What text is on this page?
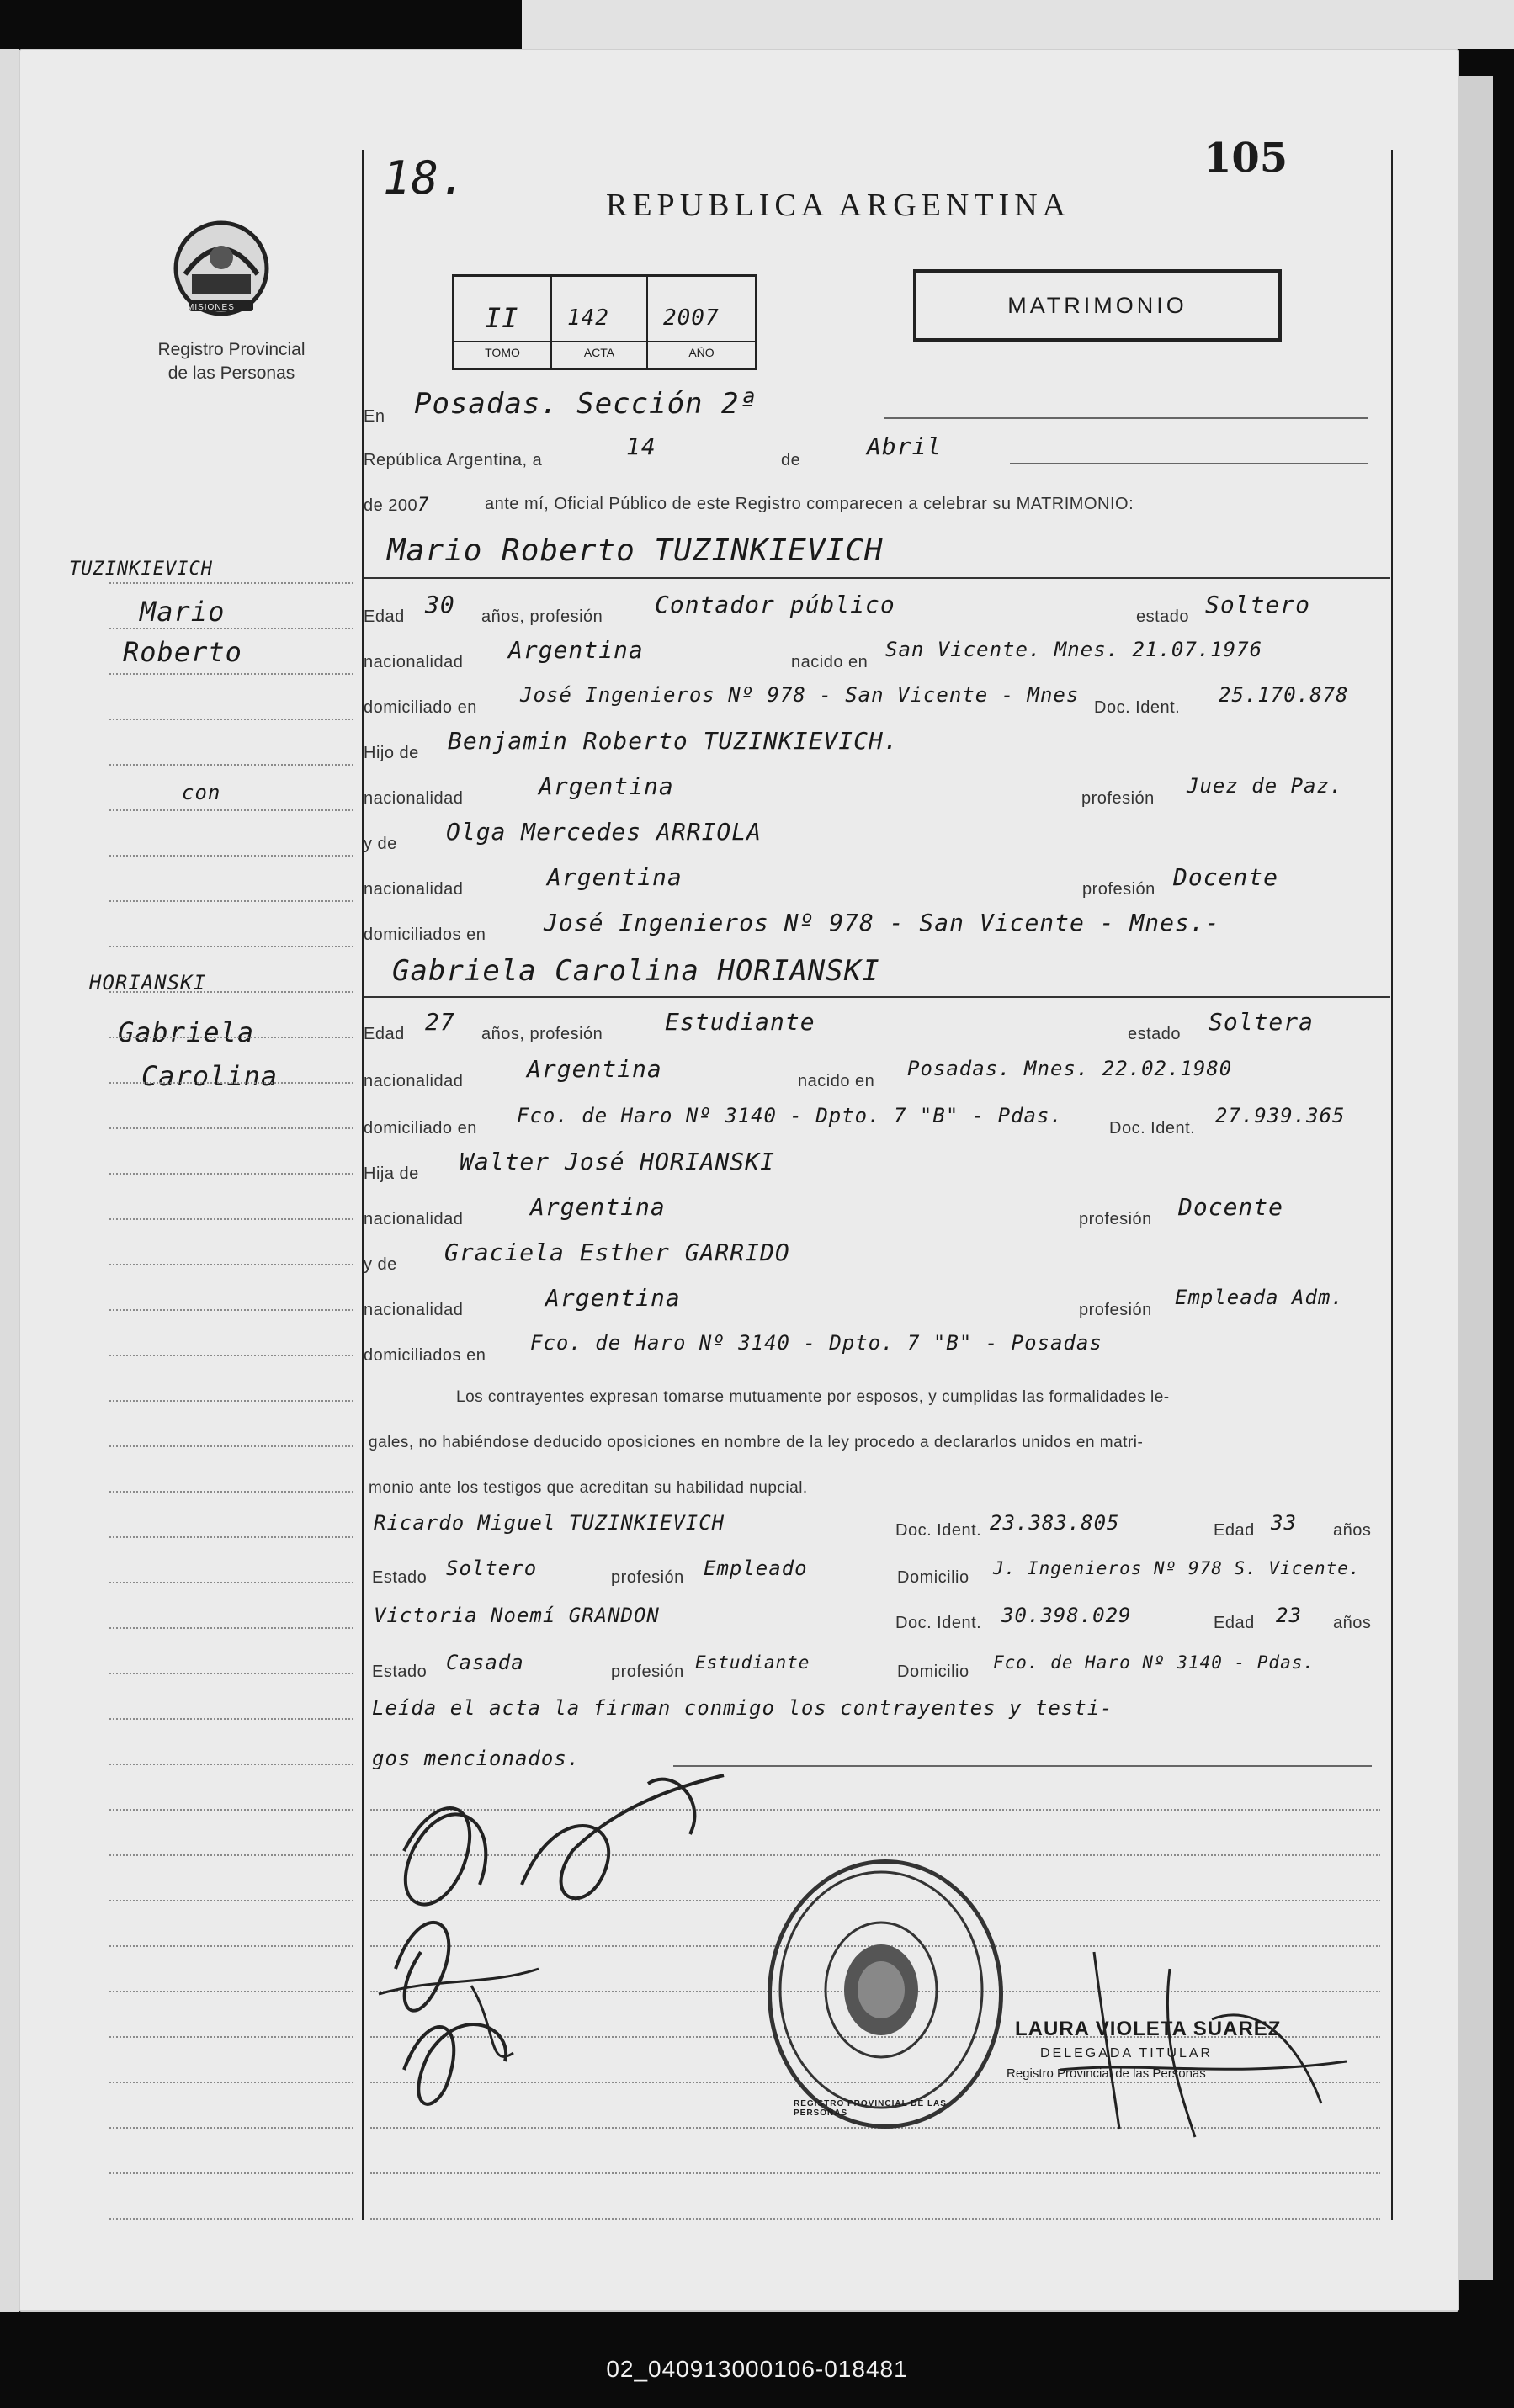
18.	105
REPUBLICA ARGENTINA
MISIONES
Registro Provincial
de las Personas
II 142 2007
TOMO	ACTA	AÑO
MATRIMONIO
En Posadas. Sección 2ª
República Argentina, a	14	de	Abril
de 2007	ante mí, Oficial Público de este Registro comparecen a celebrar su MATRIMONIO:
Mario Roberto TUZINKIEVICH
Edad 30 años, profesión Contador público	estado Soltero
nacionalidad Argentina	nacido en
San Vicente. Mnes. 21.07.1976
domiciliado en
José Ingenieros Nº 978 - San Vicente - Mnes
Doc. Ident.
25.170.878
Hijo de Benjamin Roberto TUZINKIEVICH.
nacionalidad	Argentina	profesión
Juez de Paz.
y de Olga Mercedes ARRIOLA
nacionalidad	Argentina	profesión Docente
domiciliados en José Ingenieros Nº 978 - San Vicente - Mnes.-
Gabriela Carolina HORIANSKI
Edad 27 años, profesión	Estudiante	estado Soltera
nacionalidad	Argentina	nacido en
Posadas. Mnes. 22.02.1980
domiciliado en
Fco. de Haro Nº 3140 - Dpto. 7 "B" - Pdas.
Doc. Ident.
27.939.365
Hija de Walter José HORIANSKI
nacionalidad	Argentina	profesión Docente
y de Graciela Esther GARRIDO
nacionalidad	Argentina	profesión
Empleada Adm.
domiciliados en
Fco. de Haro Nº 3140 - Dpto. 7 "B" - Posadas
Los contrayentes expresan tomarse mutuamente por esposos, y cumplidas las formalidades le-
gales, no habiéndose deducido oposiciones en nombre de la ley procedo a declararlos unidos en matri-
monio ante los testigos que acreditan su habilidad nupcial.
Ricardo Miguel TUZINKIEVICH	Doc. Ident. 23.383.805	Edad 33 años
Estado Soltero	profesión Empleado	Domicilio J. Ingenieros Nº 978 S. Vicente.
Victoria Noemí GRANDON	Doc. Ident. 30.398.029	Edad 23 años
Estado Casada	profesión Estudiante	Domicilio Fco. de Haro Nº 3140 - Pdas.
Leída el acta la firman conmigo los contrayentes y testi-
gos mencionados.
TUZINKIEVICH
Mario
Roberto
con
HORIANSKI
Gabriela
Carolina
REGISTRO PROVINCIAL DE LAS PERSONAS
LAURA VIOLETA SUAREZ
DELEGADA TITULAR
Registro Provincial de las Personas
02_040913000106-018481
